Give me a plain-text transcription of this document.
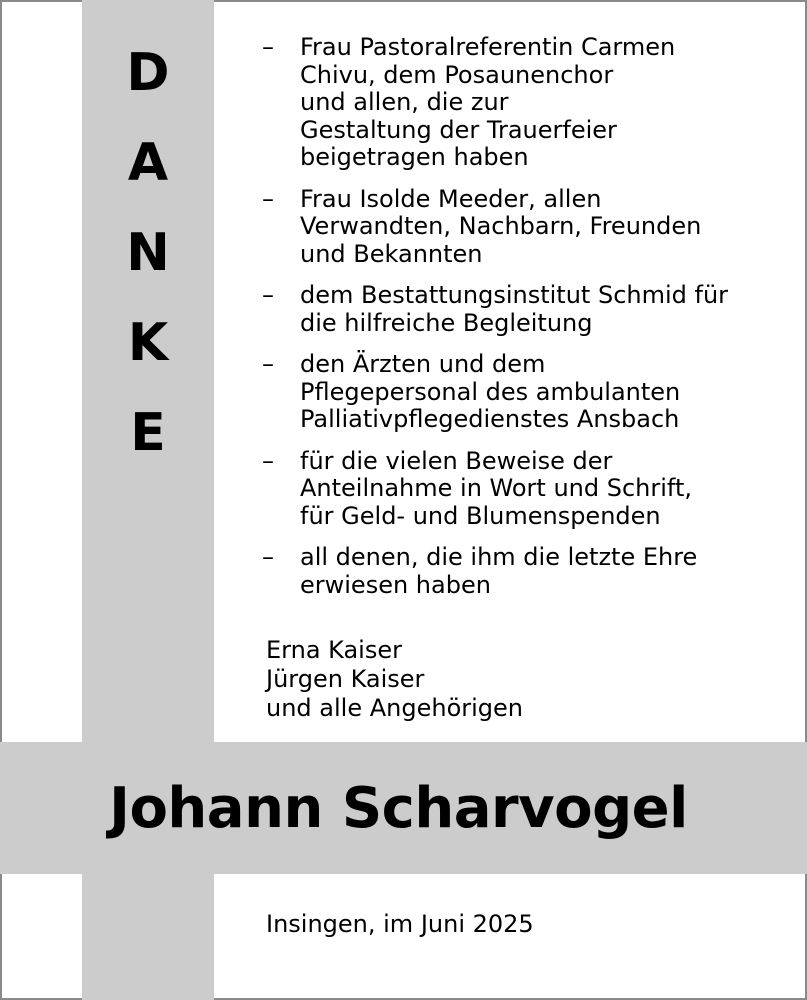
D
A
N
K
E
– Frau Pastoralreferentin Carmen
Chivu, dem Posaunenchor
und allen, die zur
Gestaltung der Trauerfeier
beigetragen haben
– Frau Isolde Meeder, allen
Verwandten, Nachbarn, Freunden
und Bekannten
– dem Bestattungsinstitut Schmid für
die hilfreiche Begleitung
– den Ärzten und dem
Pflegepersonal des ambulanten
Palliativpflegedienstes Ansbach
– für die vielen Beweise der
Anteilnahme in Wort und Schrift,
für Geld- und Blumenspenden
– all denen, die ihm die letzte Ehre
erwiesen haben
Erna Kaiser
Jürgen Kaiser
und alle Angehörigen
Johann Scharvogel
Insingen, im Juni 2025
